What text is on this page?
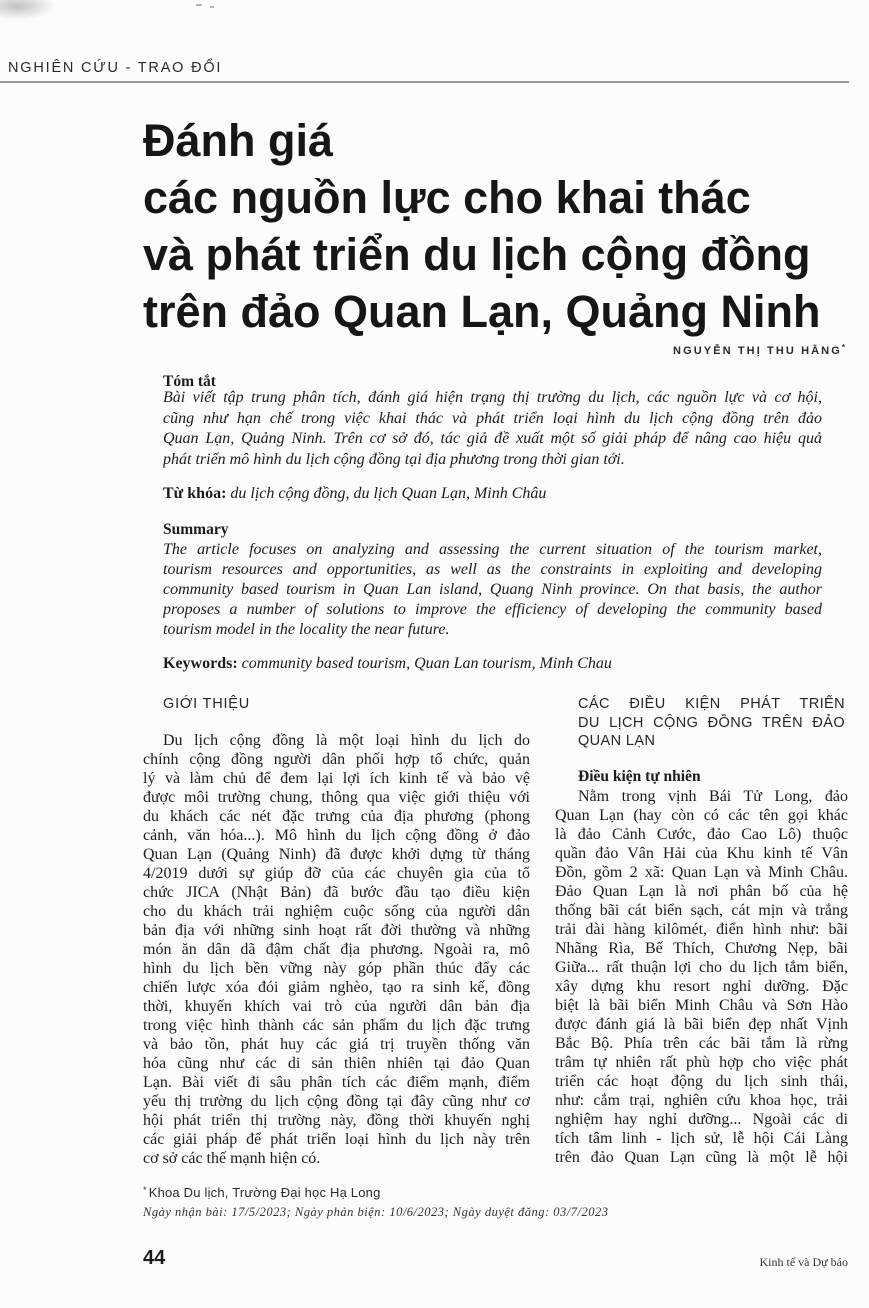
NGHIÊN CỨU - TRAO ĐỔI
Đánh giá
các nguồn lực cho khai thác
và phát triển du lịch cộng đồng
trên đảo Quan Lạn, Quảng Ninh
NGUYỄN THỊ THU HẰNG*
Tóm tắt
Bài viết tập trung phân tích, đánh giá hiện trạng thị trường du lịch, các nguồn lực và cơ hội,
cũng như hạn chế trong việc khai thác và phát triển loại hình du lịch cộng đồng trên đảo
Quan Lạn, Quảng Ninh. Trên cơ sở đó, tác giả đề xuất một số giải pháp để nâng cao hiệu quả
phát triển mô hình du lịch cộng đồng tại địa phương trong thời gian tới.
Từ khóa: du lịch cộng đồng, du lịch Quan Lạn, Minh Châu
Summary
The article focuses on analyzing and assessing the current situation of the tourism market,
tourism resources and opportunities, as well as the constraints in exploiting and developing
community based tourism in Quan Lan island, Quang Ninh province. On that basis, the author
proposes a number of solutions to improve the efficiency of developing the community based
tourism model in the locality the near future.
Keywords: community based tourism, Quan Lan tourism, Minh Chau
GIỚI THIỆU
Du lịch cộng đồng là một loại hình du lịch do
chính cộng đồng người dân phối hợp tổ chức, quản
lý và làm chủ để đem lại lợi ích kinh tế và bảo vệ
được môi trường chung, thông qua việc giới thiệu với
du khách các nét đặc trưng của địa phương (phong
cảnh, văn hóa...). Mô hình du lịch cộng đồng ở đảo
Quan Lạn (Quảng Ninh) đã được khởi dựng từ tháng
4/2019 dưới sự giúp đỡ của các chuyên gia của tổ
chức JICA (Nhật Bản) đã bước đầu tạo điều kiện
cho du khách trải nghiệm cuộc sống của người dân
bản địa với những sinh hoạt rất đời thường và những
món ăn dân dã đậm chất địa phương. Ngoài ra, mô
hình du lịch bền vững này góp phần thúc đẩy các
chiến lược xóa đói giảm nghèo, tạo ra sinh kế, đồng
thời, khuyến khích vai trò của người dân bản địa
trong việc hình thành các sản phẩm du lịch đặc trưng
và bảo tồn, phát huy các giá trị truyền thống văn
hóa cũng như các di sản thiên nhiên tại đảo Quan
Lạn. Bài viết đi sâu phân tích các điểm mạnh, điểm
yếu thị trường du lịch cộng đồng tại đây cũng như cơ
hội phát triển thị trường này, đồng thời khuyến nghị
các giải pháp để phát triển loại hình du lịch này trên
cơ sở các thế mạnh hiện có.
CÁC ĐIỀU KIỆN PHÁT TRIỂN
DU LỊCH CỘNG ĐỒNG TRÊN ĐẢO
QUAN LẠN
Điều kiện tự nhiên
Nằm trong vịnh Bái Tử Long, đảo
Quan Lạn (hay còn có các tên gọi khác
là đảo Cảnh Cước, đảo Cao Lô) thuộc
quần đảo Vân Hải của Khu kinh tế Vân
Đồn, gồm 2 xã: Quan Lạn và Minh Châu.
Đảo Quan Lạn là nơi phân bố của hệ
thống bãi cát biển sạch, cát mịn và trắng
trải dài hàng kilômét, điển hình như: bãi
Nhãng Rìa, Bế Thích, Chương Nẹp, bãi
Giữa... rất thuận lợi cho du lịch tắm biển,
xây dựng khu resort nghỉ dưỡng. Đặc
biệt là bãi biển Minh Châu và Sơn Hào
được đánh giá là bãi biển đẹp nhất Vịnh
Bắc Bộ. Phía trên các bãi tắm là rừng
trâm tự nhiên rất phù hợp cho việc phát
triển các hoạt động du lịch sinh thái,
như: cắm trại, nghiên cứu khoa học, trải
nghiệm hay nghỉ dưỡng... Ngoài các di
tích tâm linh - lịch sử, lễ hội Cái Làng
trên đảo Quan Lạn cũng là một lễ hội
* Khoa Du lịch, Trường Đại học Hạ Long
Ngày nhận bài: 17/5/2023; Ngày phản biện: 10/6/2023; Ngày duyệt đăng: 03/7/2023
44	Kinh tế và Dự báo
